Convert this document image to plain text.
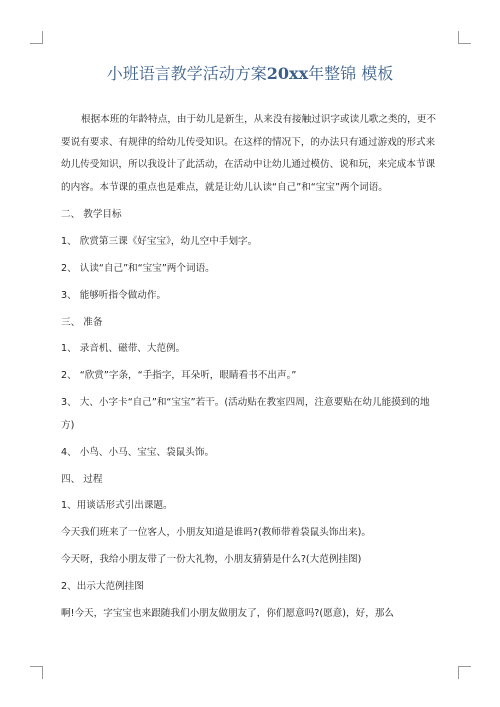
小班语言教学活动方案20xx年整锦 模板

根据本班的年龄特点，由于幼儿是新生，从来没有接触过识字或读儿歌之类的，更不要说有要求、有规律的给幼儿传受知识。在这样的情况下，的办法只有通过游戏的形式来幼儿传受知识，所以我设计了此活动，在活动中让幼儿通过模仿、说和玩，来完成本节课的内容。本节课的重点也是难点，就是让幼儿认读“自己”和“宝宝”两个词语。

二、 教学目标

1、 欣赏第三课《好宝宝》，幼儿空中手划字。

2、 认读“自己”和“宝宝”两个词语。

3、 能够听指令做动作。

三、 准备

1、 录音机、磁带、大范例。

2、 “欣赏”字条，“手指字，耳朵听，眼睛看书不出声。”

3、 大、小字卡“自己”和“宝宝”若干。(活动贴在教室四周，注意要贴在幼儿能摸到的地方)

4、 小鸟、小马、宝宝、袋鼠头饰。

四、 过程

1、用谈话形式引出课题。

今天我们班来了一位客人，小朋友知道是谁吗?(教师带着袋鼠头饰出来)。

今天呀，我给小朋友带了一份大礼物，小朋友猜猜是什么?(大范例挂图)

2、出示大范例挂图

啊!今天，字宝宝也来跟随我们小朋友做朋友了，你们愿意吗?(愿意)，好，那么
